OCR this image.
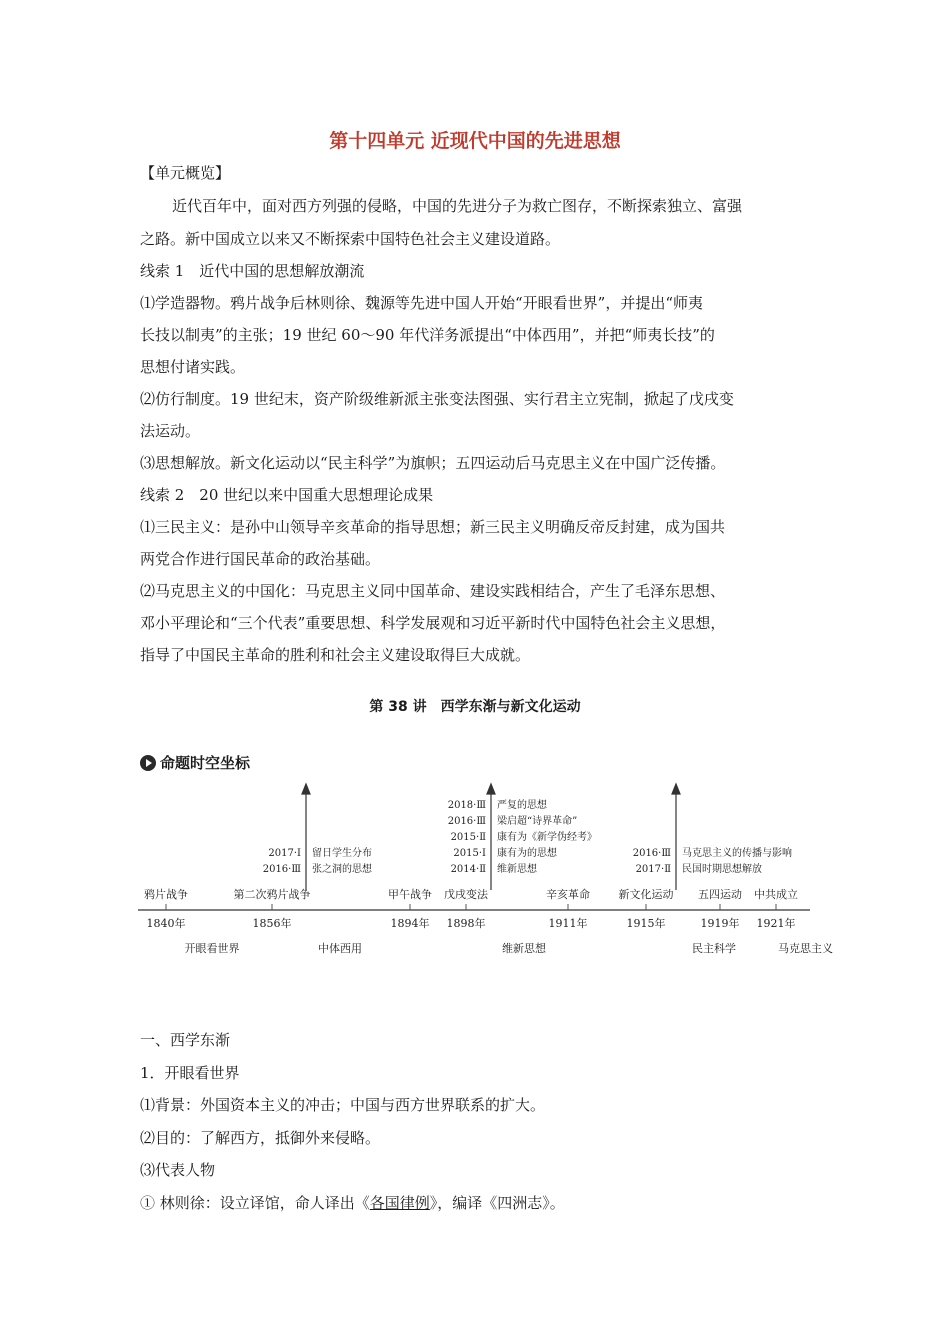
第十四单元 近现代中国的先进思想
【单元概览】
近代百年中，面对西方列强的侵略，中国的先进分子为救亡图存，不断探索独立、富强
之路。新中国成立以来又不断探索中国特色社会主义建设道路。
线索 1　近代中国的思想解放潮流
⑴学造器物。鸦片战争后林则徐、魏源等先进中国人开始“开眼看世界”，并提出“师夷
长技以制夷”的主张；19 世纪 60～90 年代洋务派提出“中体西用”，并把“师夷长技”的
思想付诸实践。
⑵仿行制度。19 世纪末，资产阶级维新派主张变法图强、实行君主立宪制，掀起了戊戌变
法运动。
⑶思想解放。新文化运动以“民主科学”为旗帜；五四运动后马克思主义在中国广泛传播。
线索 2　20 世纪以来中国重大思想理论成果
⑴三民主义：是孙中山领导辛亥革命的指导思想；新三民主义明确反帝反封建，成为国共
两党合作进行国民革命的政治基础。
⑵马克思主义的中国化：马克思主义同中国革命、建设实践相结合，产生了毛泽东思想、
邓小平理论和“三个代表”重要思想、科学发展观和习近平新时代中国特色社会主义思想，
指导了中国民主革命的胜利和社会主义建设取得巨大成就。
第 38 讲　西学东渐与新文化运动
命题时空坐标
2017·Ⅰ
2016·Ⅲ
留日学生分布
张之洞的思想
2018·Ⅲ
2016·Ⅲ
2015·Ⅱ
2015·Ⅰ
2014·Ⅱ
严复的思想
梁启超“诗界革命”
康有为《新学伪经考》
康有为的思想
维新思想
2016·Ⅲ
2017·Ⅱ
马克思主义的传播与影响
民国时期思想解放
鸦片战争	第二次鸦片战争	甲午战争 戊戌变法	辛亥革命	新文化运动 五四运动 中共成立
1840年	1856年	1894年 1898年	1911年	1915年	1919年 1921年
开眼看世界	中体西用	维新思想	民主科学	马克思主义
一、西学东渐
1．开眼看世界
⑴背景：外国资本主义的冲击；中国与西方世界联系的扩大。
⑵目的：了解西方，抵御外来侵略。
⑶代表人物
① 林则徐：设立译馆，命人译出《各国律例》，编译《四洲志》。
